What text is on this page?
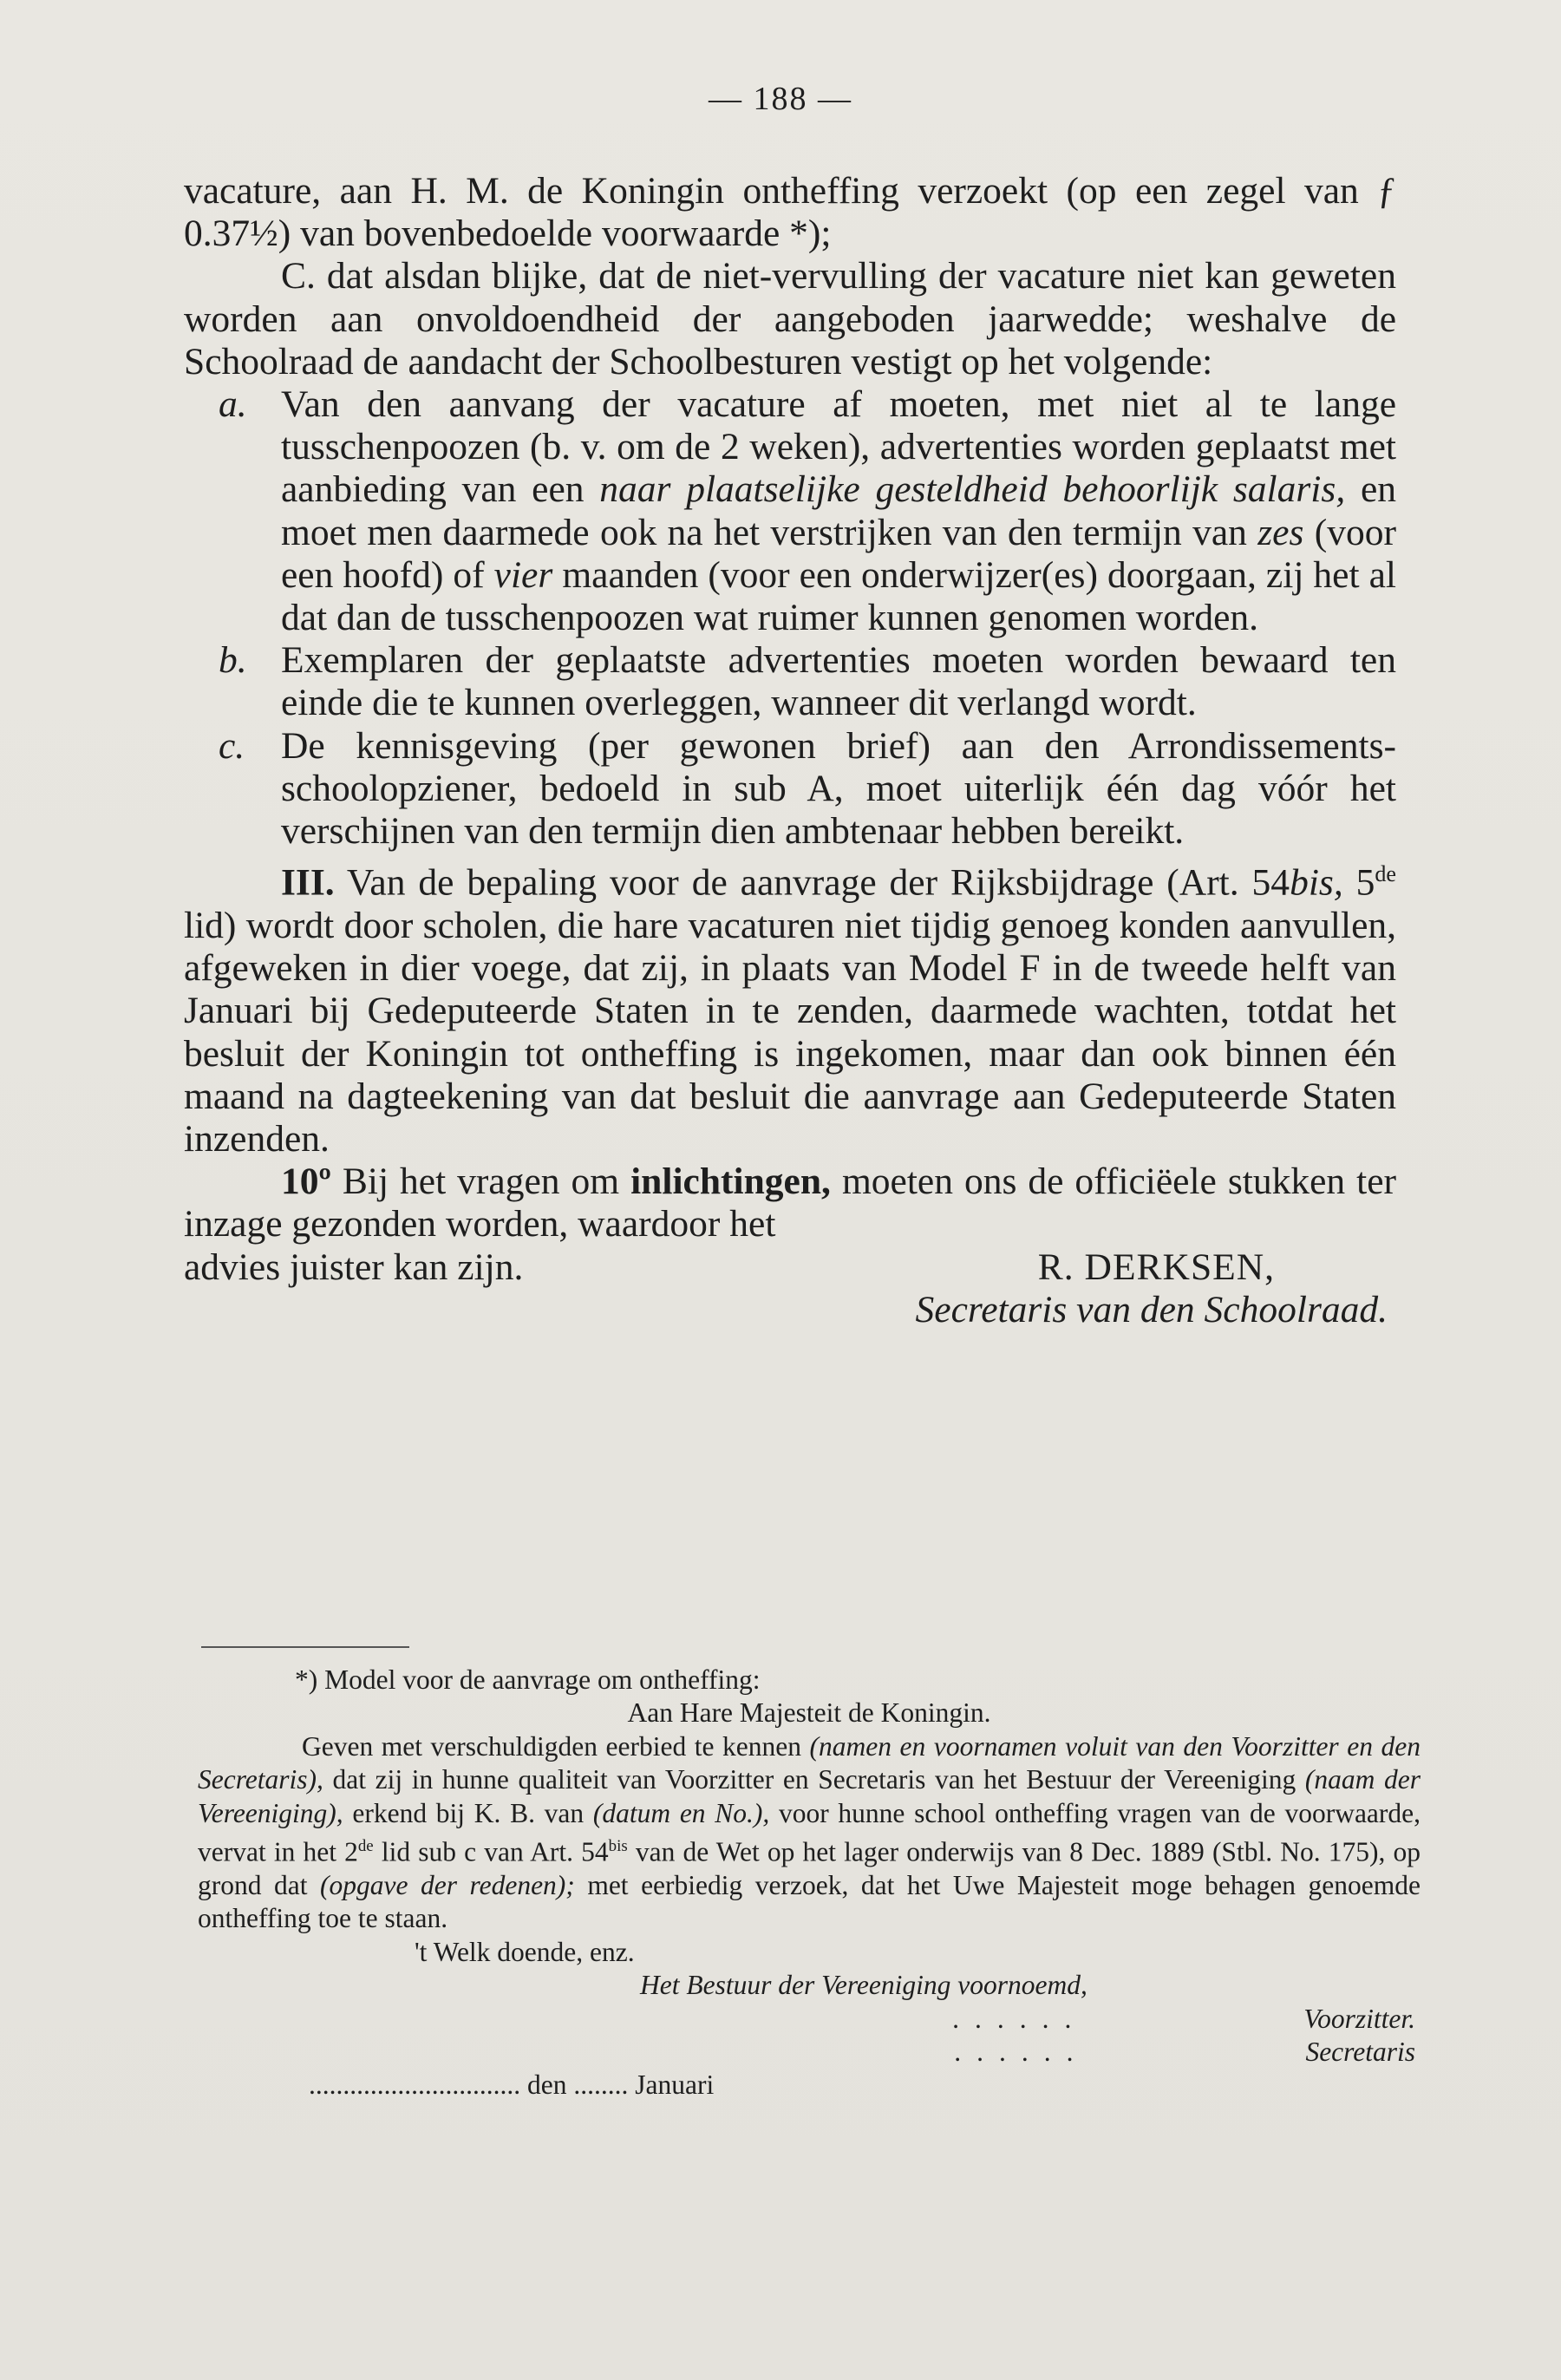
— 188 —

vacature, aan H. M. de Koningin ontheffing verzoekt (op een zegel van ƒ 0.37½) van bovenbedoelde voorwaarde *);

C. dat alsdan blijke, dat de niet-vervulling der vacature niet kan geweten worden aan onvoldoendheid der aangeboden jaarwedde; weshalve de Schoolraad de aandacht der Schoolbesturen vestigt op het volgende:

a. Van den aanvang der vacature af moeten, met niet al te lange tusschenpoozen (b. v. om de 2 weken), advertenties worden geplaatst met aanbieding van een naar plaatselijke gesteldheid behoorlijk salaris, en moet men daarmede ook na het verstrijken van den termijn van zes (voor een hoofd) of vier maanden (voor een onderwijzer(es) doorgaan, zij het al dat dan de tusschenpoozen wat ruimer kunnen genomen worden.
b. Exemplaren der geplaatste advertenties moeten worden bewaard ten einde die te kunnen overleggen, wanneer dit verlangd wordt.
c. De kennisgeving (per gewonen brief) aan den Arrondissements-schoolopziener, bedoeld in sub A, moet uiterlijk één dag vóór het verschijnen van den termijn dien ambtenaar hebben bereikt.

III. Van de bepaling voor de aanvrage der Rijksbijdrage (Art. 54bis, 5de lid) wordt door scholen, die hare vacaturen niet tijdig genoeg konden aanvullen, afgeweken in dier voege, dat zij, in plaats van Model F in de tweede helft van Januari bij Gedeputeerde Staten in te zenden, daarmede wachten, totdat het besluit der Koningin tot ontheffing is ingekomen, maar dan ook binnen één maand na dagteekening van dat besluit die aanvrage aan Gedeputeerde Staten inzenden.

10º Bij het vragen om inlichtingen, moeten ons de officiëele stukken ter inzage gezonden worden, waardoor het

advies juister kan zijn.	R. DERKSEN,
Secretaris van den Schoolraad.

*) Model voor de aanvrage om ontheffing:

Aan Hare Majesteit de Koningin.

Geven met verschuldigden eerbied te kennen (namen en voornamen voluit van den Voorzitter en den Secretaris), dat zij in hunne qualiteit van Voorzitter en Secretaris van het Bestuur der Vereeniging (naam der Vereeniging), erkend bij K. B. van (datum en No.), voor hunne school ontheffing vragen van de voorwaarde, vervat in het 2de lid sub c van Art. $54^{bis}$ van de Wet op het lager onderwijs van 8 Dec. 1889 (Stbl. No. 175), op grond dat (opgave der redenen); met eerbiedig verzoek, dat het Uwe Majesteit moge behagen genoemde ontheffing toe te staan.

't Welk doende, enz.

Het Bestuur der Vereeniging voornoemd,

......	Voorzitter.
......	Secretaris

............................... den ........ Januari
